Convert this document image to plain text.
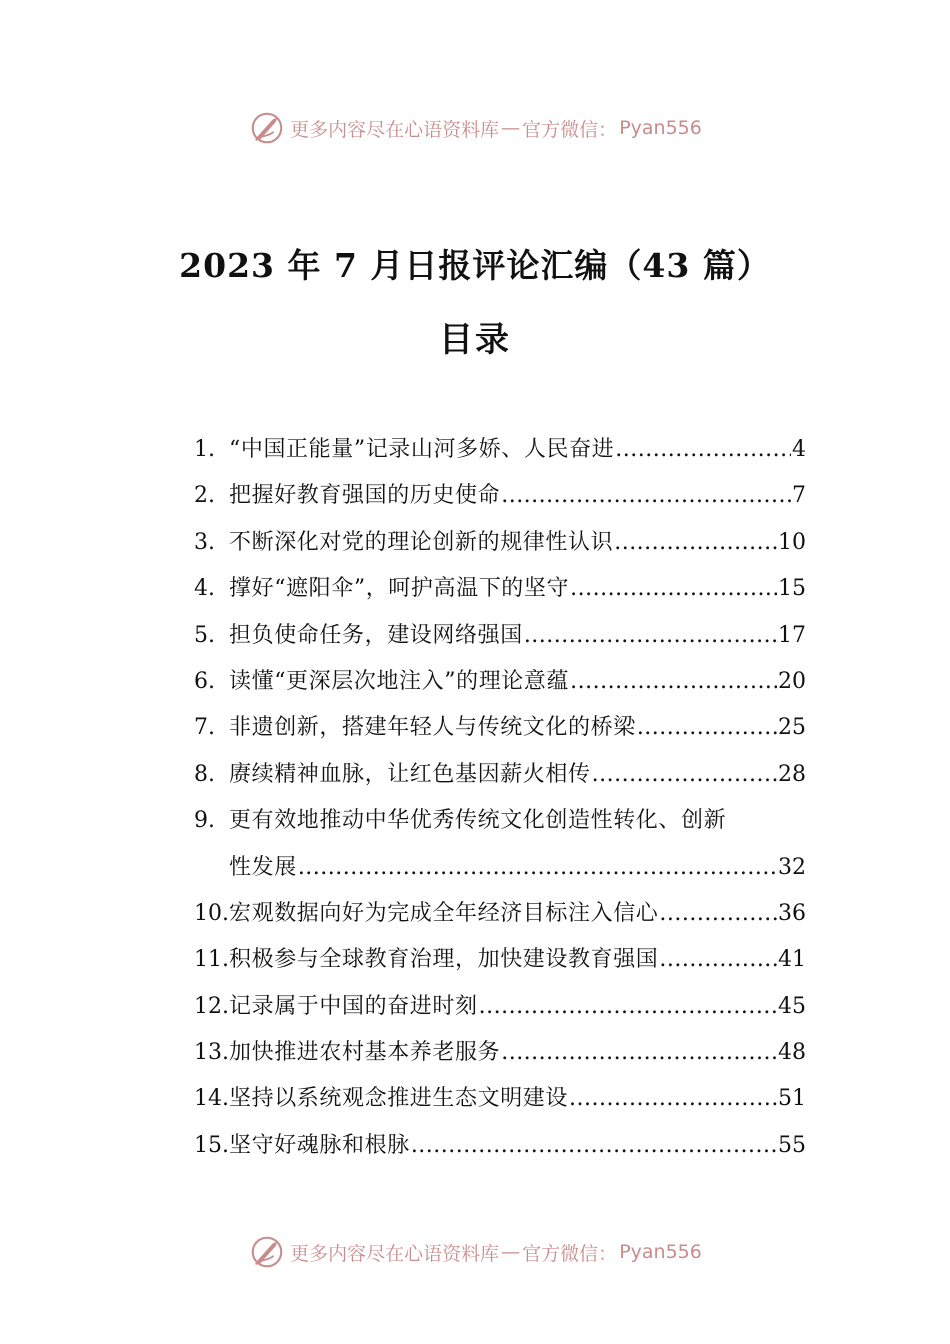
更多内容尽在心语资料库 — 官方微信： Pyan556
2023 年 7 月日报评论汇编（43 篇）
目录
1. “中国正能量”记录山河多娇、人民奋进 .....	4
2. 把握好教育强国的历史使命 .....	7
3. 不断深化对党的理论创新的规律性认识 .....	10
4. 撑好“遮阳伞”，呵护高温下的坚守 .....	15
5. 担负使命任务，建设网络强国 .....	17
6. 读懂“更深层次地注入”的理论意蕴 .....	20
7. 非遗创新，搭建年轻人与传统文化的桥梁 .....	25
8. 赓续精神血脉，让红色基因薪火相传 .....	28
9. 更有效地推动中华优秀传统文化创造性转化、创新
性发展 .....	32
10. 宏观数据向好为完成全年经济目标注入信心 .....	36
11. 积极参与全球教育治理，加快建设教育强国 .....	41
12. 记录属于中国的奋进时刻 .....	45
13. 加快推进农村基本养老服务 .....	48
14. 坚持以系统观念推进生态文明建设 .....	51
15. 坚守好魂脉和根脉 .....	55
更多内容尽在心语资料库 — 官方微信： Pyan556
